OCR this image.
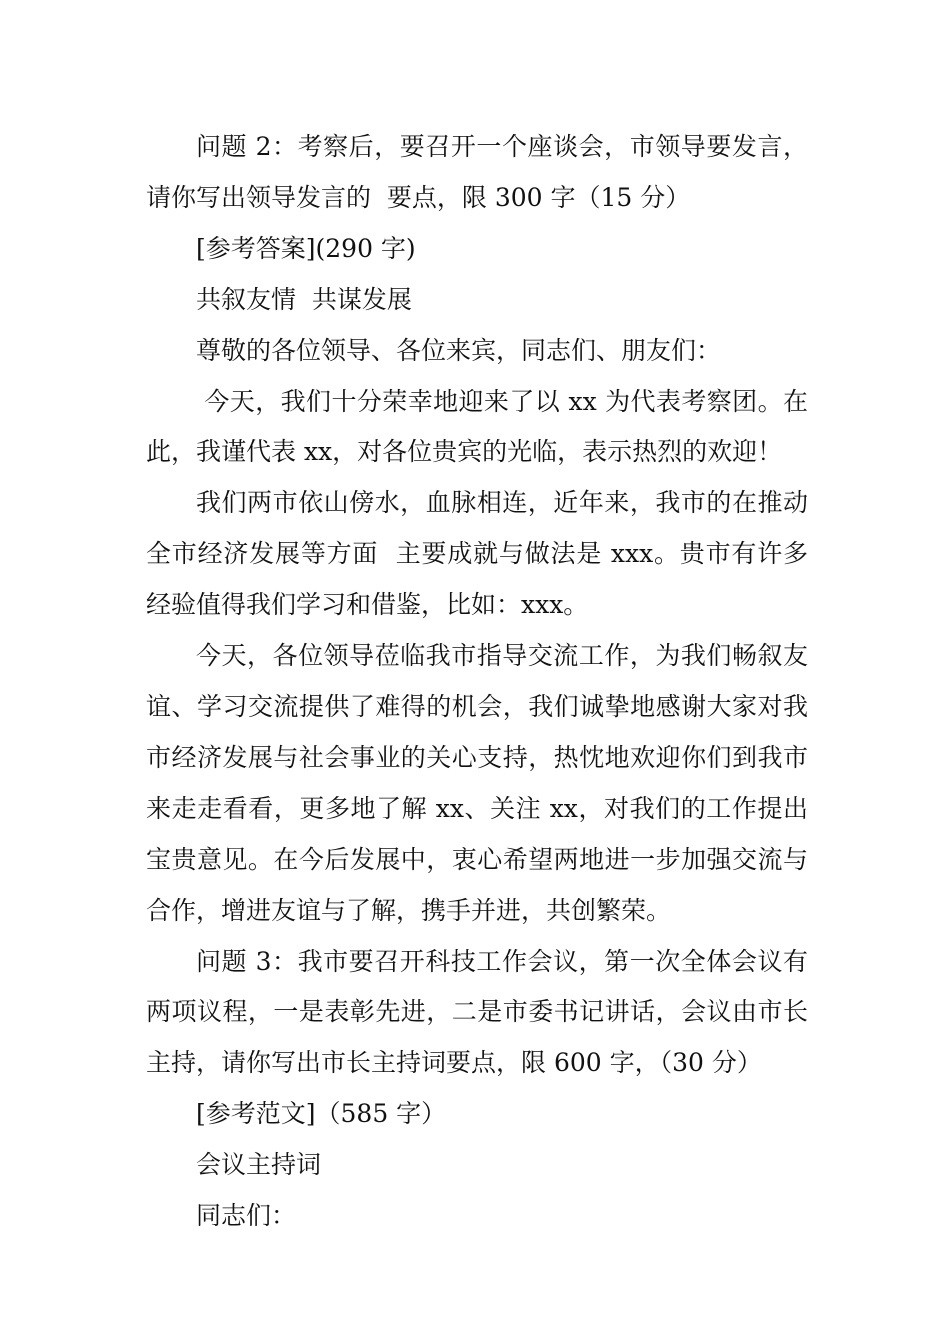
问题 2：考察后，要召开一个座谈会，市领导要发言，请你写出领导发言的  要点，限 300 字（15 分）

[参考答案](290 字)

共叙友情  共谋发展

尊敬的各位领导、各位来宾，同志们、朋友们：

今天，我们十分荣幸地迎来了以 xx 为代表考察团。在此，我谨代表 xx，对各位贵宾的光临，表示热烈的欢迎！

我们两市依山傍水，血脉相连，近年来，我市的在推动全市经济发展等方面  主要成就与做法是 xxx。贵市有许多经验值得我们学习和借鉴，比如：xxx。

今天，各位领导莅临我市指导交流工作，为我们畅叙友谊、学习交流提供了难得的机会，我们诚挚地感谢大家对我市经济发展与社会事业的关心支持，热忱地欢迎你们到我市来走走看看，更多地了解 xx、关注 xx，对我们的工作提出宝贵意见。在今后发展中，衷心希望两地进一步加强交流与合作，增进友谊与了解，携手并进，共创繁荣。

问题 3：我市要召开科技工作会议，第一次全体会议有两项议程，一是表彰先进，二是市委书记讲话，会议由市长主持，请你写出市长主持词要点，限 600 字，（30 分）

[参考范文]（585 字）

会议主持词

同志们：
